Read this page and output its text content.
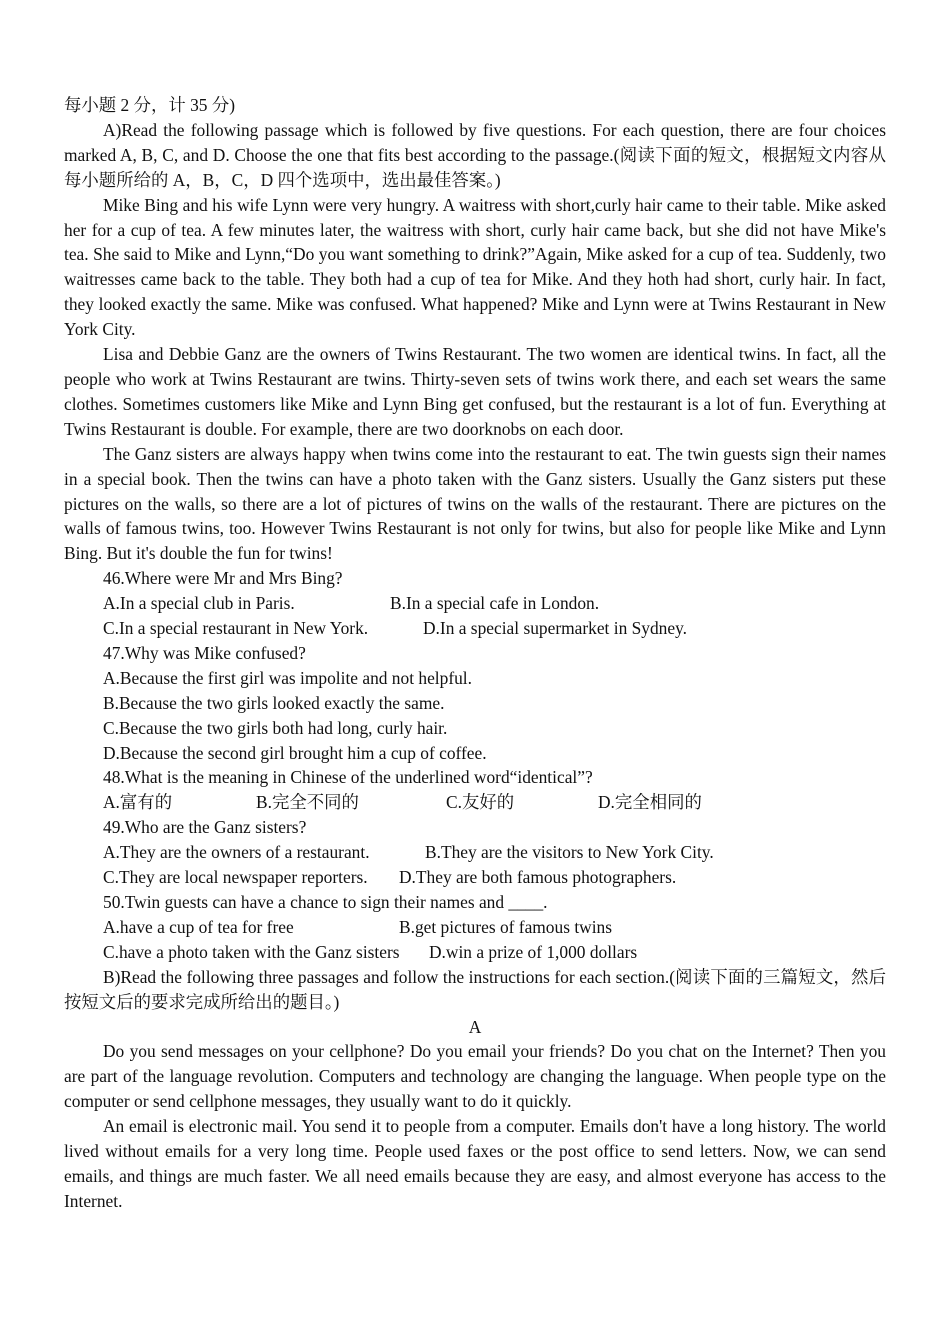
每小题 2 分，计 35 分)

A)Read the following passage which is followed by five questions. For each question, there are four choices marked A, B, C, and D. Choose the one that fits best according to the passage.(阅读下面的短文，根据短文内容从每小题所给的 A，B，C，D 四个选项中，选出最佳答案。)

Mike Bing and his wife Lynn were very hungry. A waitress with short,curly hair came to their table. Mike asked her for a cup of tea. A few minutes later, the waitress with short, curly hair came back, but she did not have Mike's tea. She said to Mike and Lynn,“Do you want something to drink?”Again, Mike asked for a cup of tea. Suddenly, two waitresses came back to the table. They both had a cup of tea for Mike. And they hoth had short, curly hair. In fact, they looked exactly the same. Mike was confused. What happened? Mike and Lynn were at Twins Restaurant in New York City.

Lisa and Debbie Ganz are the owners of Twins Restaurant. The two women are identical twins. In fact, all the people who work at Twins Restaurant are twins. Thirty-seven sets of twins work there, and each set wears the same clothes. Sometimes customers like Mike and Lynn Bing get confused, but the restaurant is a lot of fun. Everything at Twins Restaurant is double. For example, there are two doorknobs on each door.

The Ganz sisters are always happy when twins come into the restaurant to eat. The twin guests sign their names in a special book. Then the twins can have a photo taken with the Ganz sisters. Usually the Ganz sisters put these pictures on the walls, so there are a lot of pictures of twins on the walls of the restaurant. There are pictures on the walls of famous twins, too. However Twins Restaurant is not only for twins, but also for people like Mike and Lynn Bing. But it's double the fun for twins!

46.Where were Mr and Mrs Bing?

A.In a special club in Paris.	B.In a special cafe in London.

C.In a special restaurant in New York.	D.In a special supermarket in Sydney.

47.Why was Mike confused?

A.Because the first girl was impolite and not helpful.

B.Because the two girls looked exactly the same.

C.Because the two girls both had long, curly hair.

D.Because the second girl brought him a cup of coffee.

48.What is the meaning in Chinese of the underlined word“identical”?

A.富有的	B.完全不同的	C.友好的	D.完全相同的

49.Who are the Ganz sisters?

A.They are the owners of a restaurant.	B.They are the visitors to New York City.

C.They are local newspaper reporters. D.They are both famous photographers.

50.Twin guests can have a chance to sign their names and ____.

A.have a cup of tea for free	B.get pictures of famous twins

C.have a photo taken with the Ganz sisters D.win a prize of 1,000 dollars

B)Read the following three passages and follow the instructions for each section.(阅读下面的三篇短文，然后按短文后的要求完成所给出的题目。)

A

Do you send messages on your cellphone? Do you email your friends? Do you chat on the Internet? Then you are part of the language revolution. Computers and technology are changing the language. When people type on the computer or send cellphone messages, they usually want to do it quickly.

An email is electronic mail. You send it to people from a computer. Emails don't have a long history. The world lived without emails for a very long time. People used faxes or the post office to send letters. Now, we can send emails, and things are much faster. We all need emails because they are easy, and almost everyone has access to the Internet.
